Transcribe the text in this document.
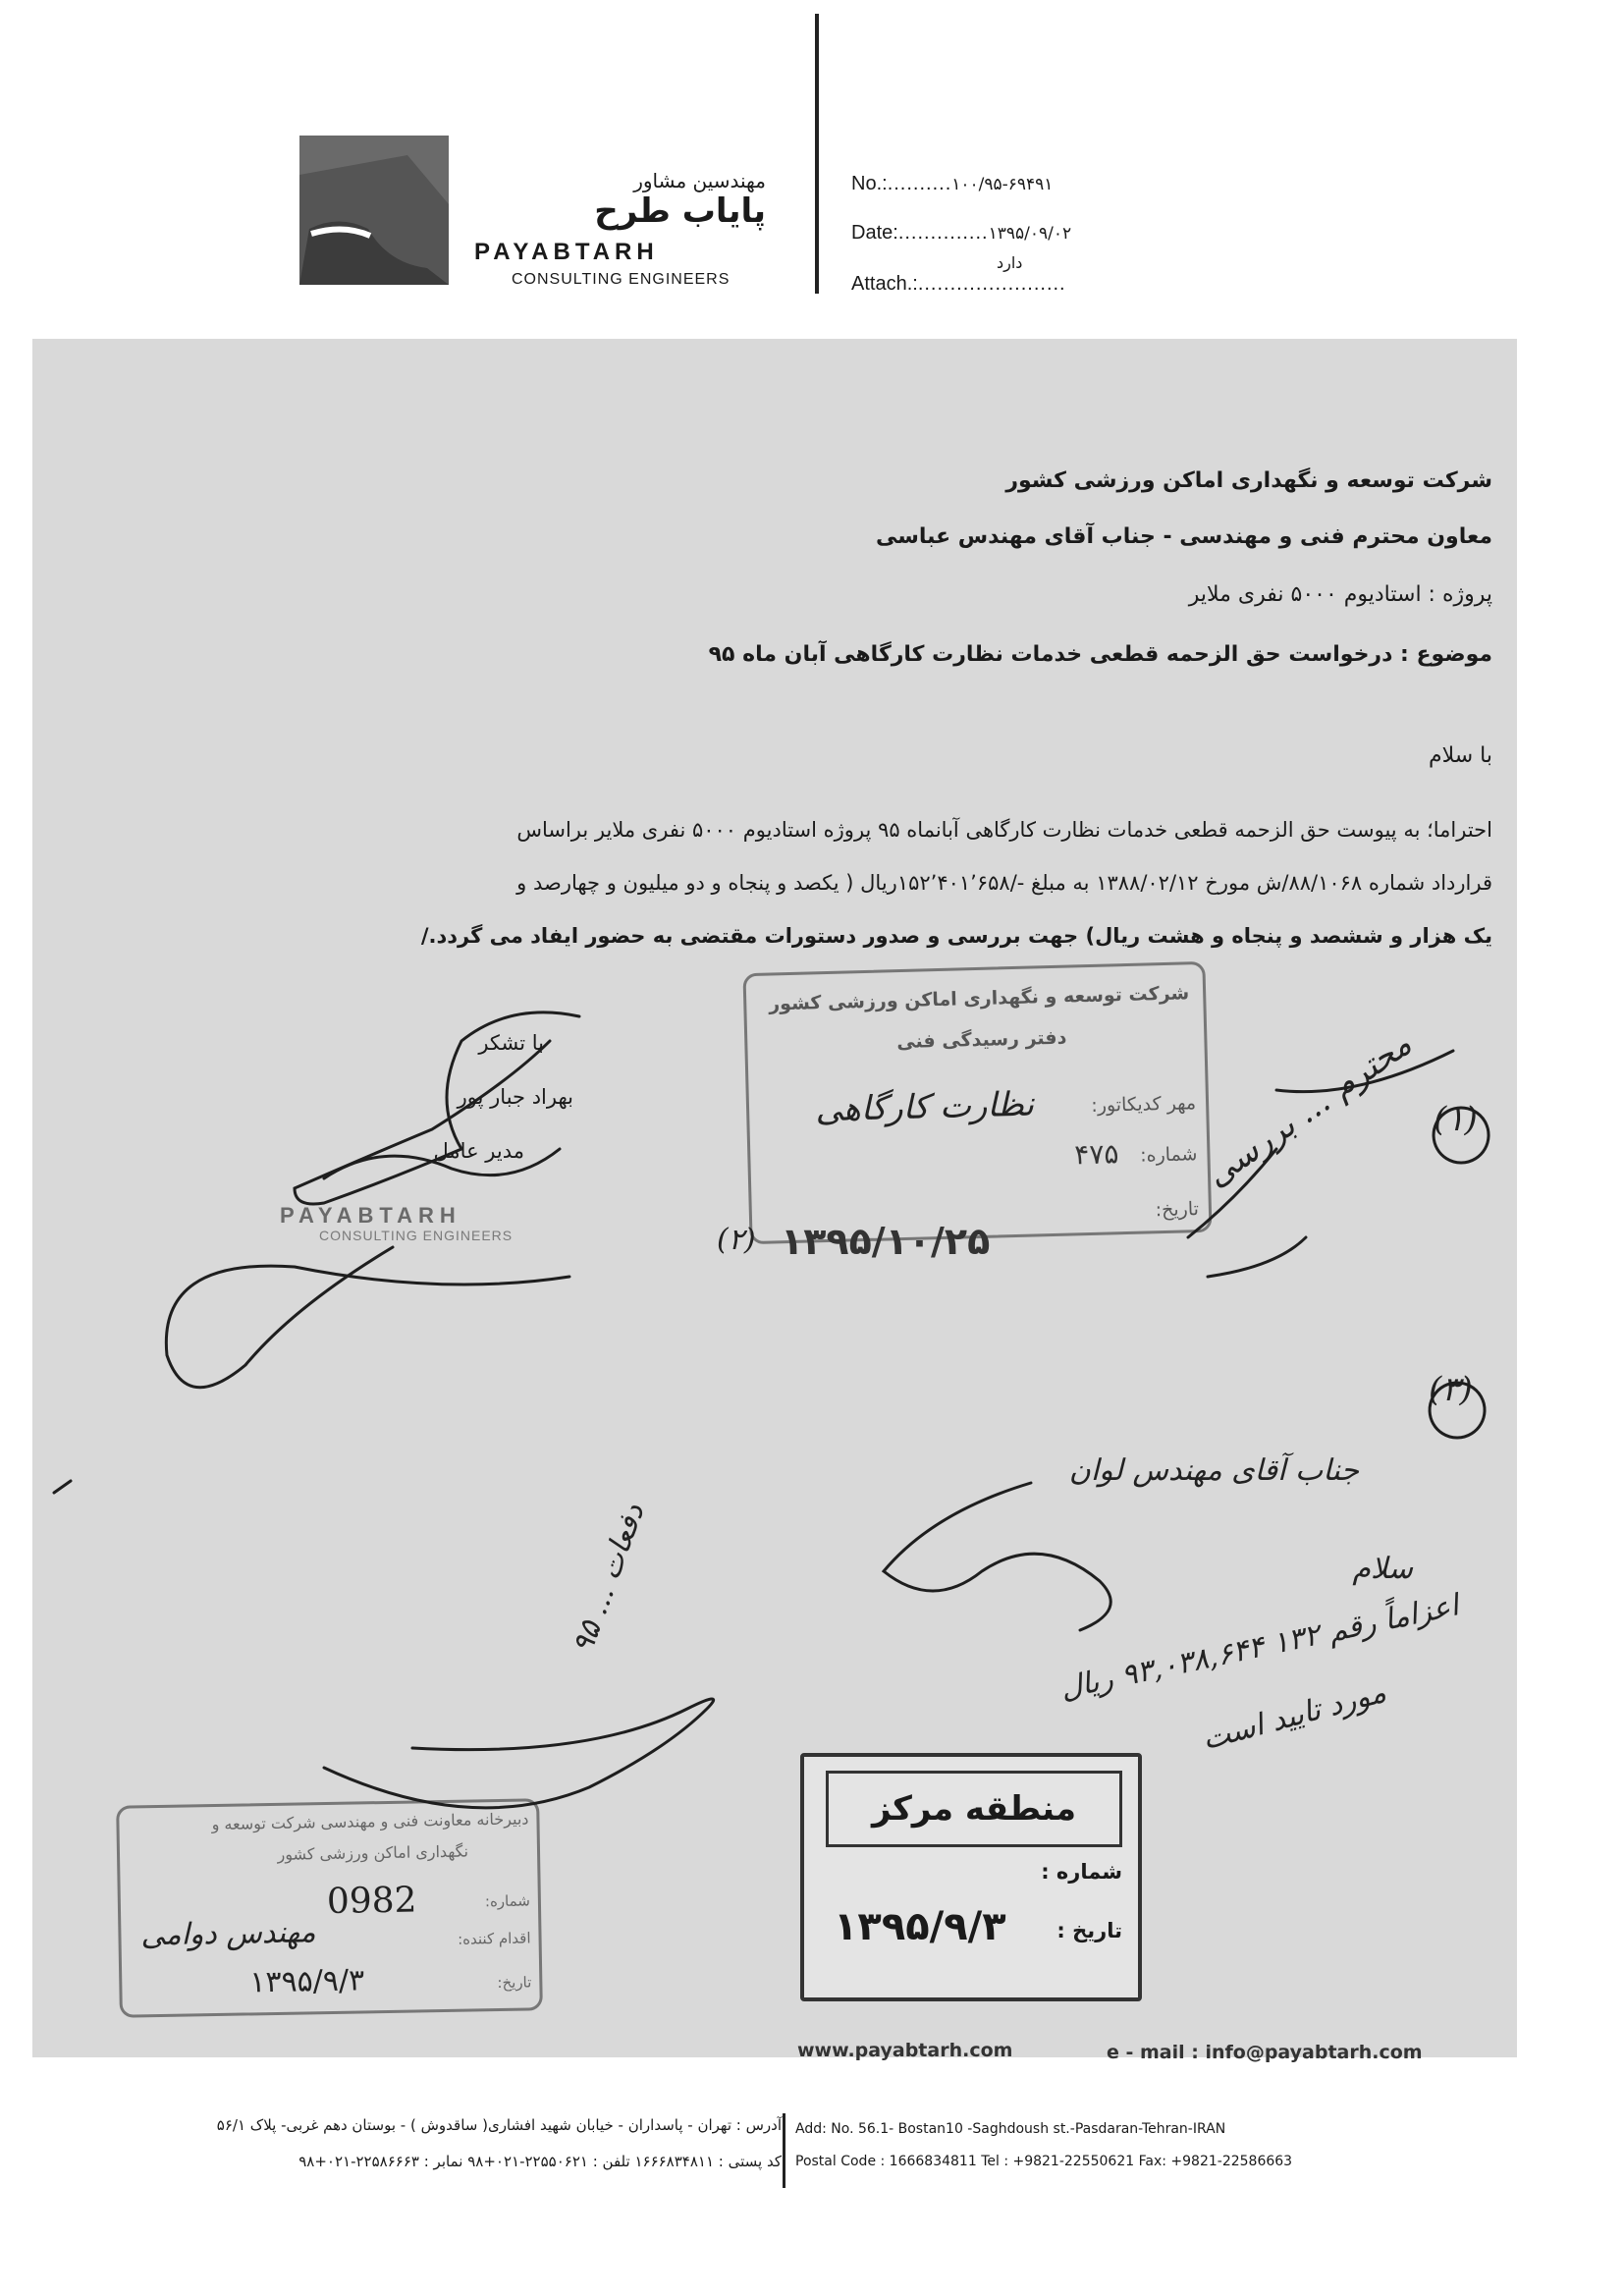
مهندسین مشاور
پایاب طرح
PAYABTARH
CONSULTING ENGINEERS
No.:..........۱۰۰/۹۵-۶۹۴۹۱
Date:..............۱۳۹۵/۰۹/۰۲
Attach.:.......................
دارد
شرکت توسعه و نگهداری اماکن ورزشی کشور
معاون محترم فنی و مهندسی - جناب آقای مهندس عباسی
پروژه : استادیوم ۵۰۰۰ نفری ملایر
موضوع : درخواست حق الزحمه قطعی خدمات نظارت کارگاهی آبان ماه ۹۵
با سلام
احتراما؛ به پیوست حق الزحمه قطعی خدمات نظارت کارگاهی آبانماه ۹۵ پروژه استادیوم ۵۰۰۰ نفری ملایر براساس
قرارداد شماره ۸۸/۱۰۶۸/ش مورخ ۱۳۸۸/۰۲/۱۲ به مبلغ -/۱۵۲٬۴۰۱٬۶۵۸ریال ( یکصد و پنجاه و دو میلیون و چهارصد و
یک هزار و ششصد و پنجاه و هشت ریال) جهت بررسی و صدور دستورات مقتضی به حضور ایفاد می گردد./
با تشکر
بهراد جبار پور
مدیر عامل
PAYABTARH
CONSULTING ENGINEERS
شرکت توسعه و نگهداری اماکن ورزشی کشور
دفتر رسیدگی فنی
مهر کدیکاتور:
نظارت کارگاهی
شماره:
۴۷۵
تاریخ:
۱۳۹۵/۱۰/۲۵
منطقه مرکز
شماره :
تاریخ :
۱۳۹۵/۹/۳
دبیرخانه معاونت فنی و مهندسی شرکت توسعه و
نگهداری اماکن ورزشی کشور
شماره:
0982
اقدام کننده:
مهندس دوامی
تاریخ:
۱۳۹۵/۹/۳
(۱)
محترم ... بررسی
(۲)
(۳)
جناب آقای مهندس لوان
سلام
اعزاماً رقم ۱۳۲ ۹۳,۰۳۸,۶۴۴ ریال
مورد تایید است
دفعات ... ۹۵
www.payabtarh.com	e - mail : info@payabtarh.com
آدرس : تهران - پاسداران - خیابان شهید افشاری( ساقدوش ) - بوستان دهم غربی- پلاک ۵۶/۱
کد پستی : ۱۶۶۶۸۳۴۸۱۱ تلفن : ۲۲۵۵۰۶۲۱-۰۲۱+۹۸ نمابر : ۲۲۵۸۶۶۶۳-۰۲۱+۹۸
Add: No. 56.1- Bostan10 -Saghdoush st.-Pasdaran-Tehran-IRAN
Postal Code : 1666834811 Tel : +9821-22550621 Fax: +9821-22586663
